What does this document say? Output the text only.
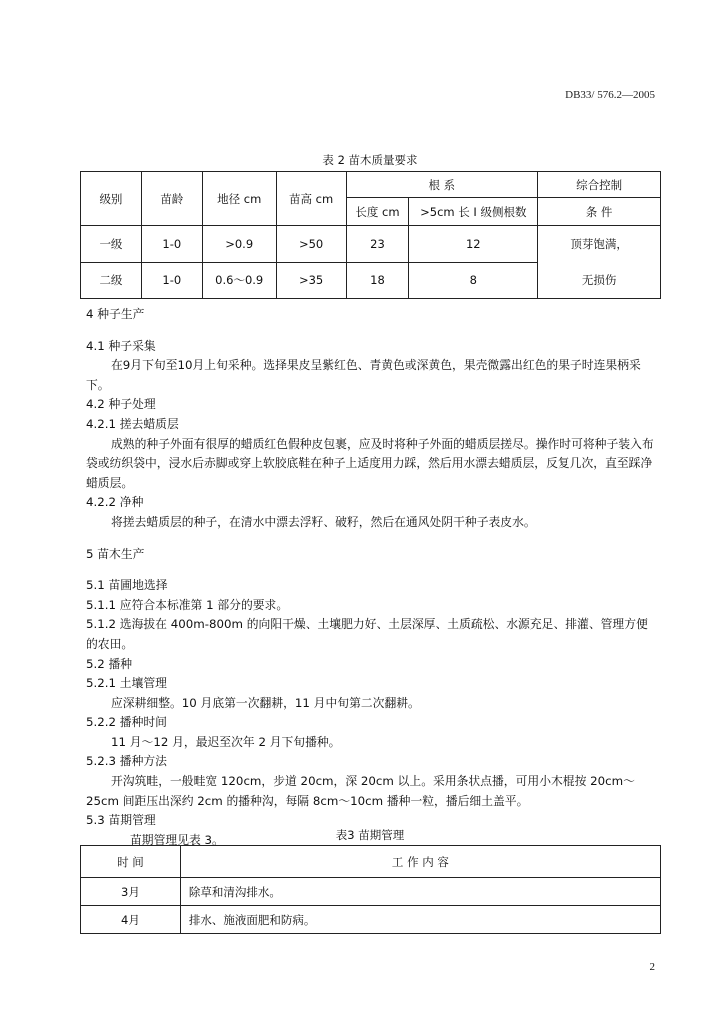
DB33/ 576.2—2005
表 2 苗木质量要求
级别	苗龄	地径 cm	苗高 cm	根 系		综合控制
				长度 cm	>5cm 长 I 级侧根数	条 件
一级	1-0	>0.9	>50	23	12	顶芽饱满，
无损伤

二级	1-0	0.6～0.9	>35	18	8	

4 种子生产

4.1 种子采集

在9月下旬至10月上旬采种。选择果皮呈紫红色、青黄色或深黄色，果壳微露出红色的果子时连果柄采下。

4.2 种子处理

4.2.1 搓去蜡质层

成熟的种子外面有很厚的蜡质红色假种皮包裹，应及时将种子外面的蜡质层搓尽。操作时可将种子装入布袋或纺织袋中，浸水后赤脚或穿上软胶底鞋在种子上适度用力踩，然后用水漂去蜡质层，反复几次，直至踩净蜡质层。

4.2.2 净种

将搓去蜡质层的种子，在清水中漂去浮籽、破籽，然后在通风处阴干种子表皮水。

5 苗木生产

5.1 苗圃地选择

5.1.1 应符合本标准第 1 部分的要求。

5.1.2 选海拔在 400m-800m 的向阳干燥、土壤肥力好、土层深厚、土质疏松、水源充足、排灌、管理方便的农田。

5.2 播种

5.2.1 土壤管理

应深耕细整。10 月底第一次翻耕，11 月中旬第二次翻耕。

5.2.2 播种时间

11 月～12 月，最迟至次年 2 月下旬播种。

5.2.3 播种方法

开沟筑畦，一般畦宽 120cm，步道 20cm，深 20cm 以上。采用条状点播，可用小木棍按 20cm～25cm 间距压出深约 2cm 的播种沟，每隔 8cm～10cm 播种一粒，播后细土盖平。

5.3 苗期管理

苗期管理见表 3。	表3 苗期管理
时 间	工 作 内 容
3月	除草和清沟排水。
4月	排水、施液面肥和防病。
2
